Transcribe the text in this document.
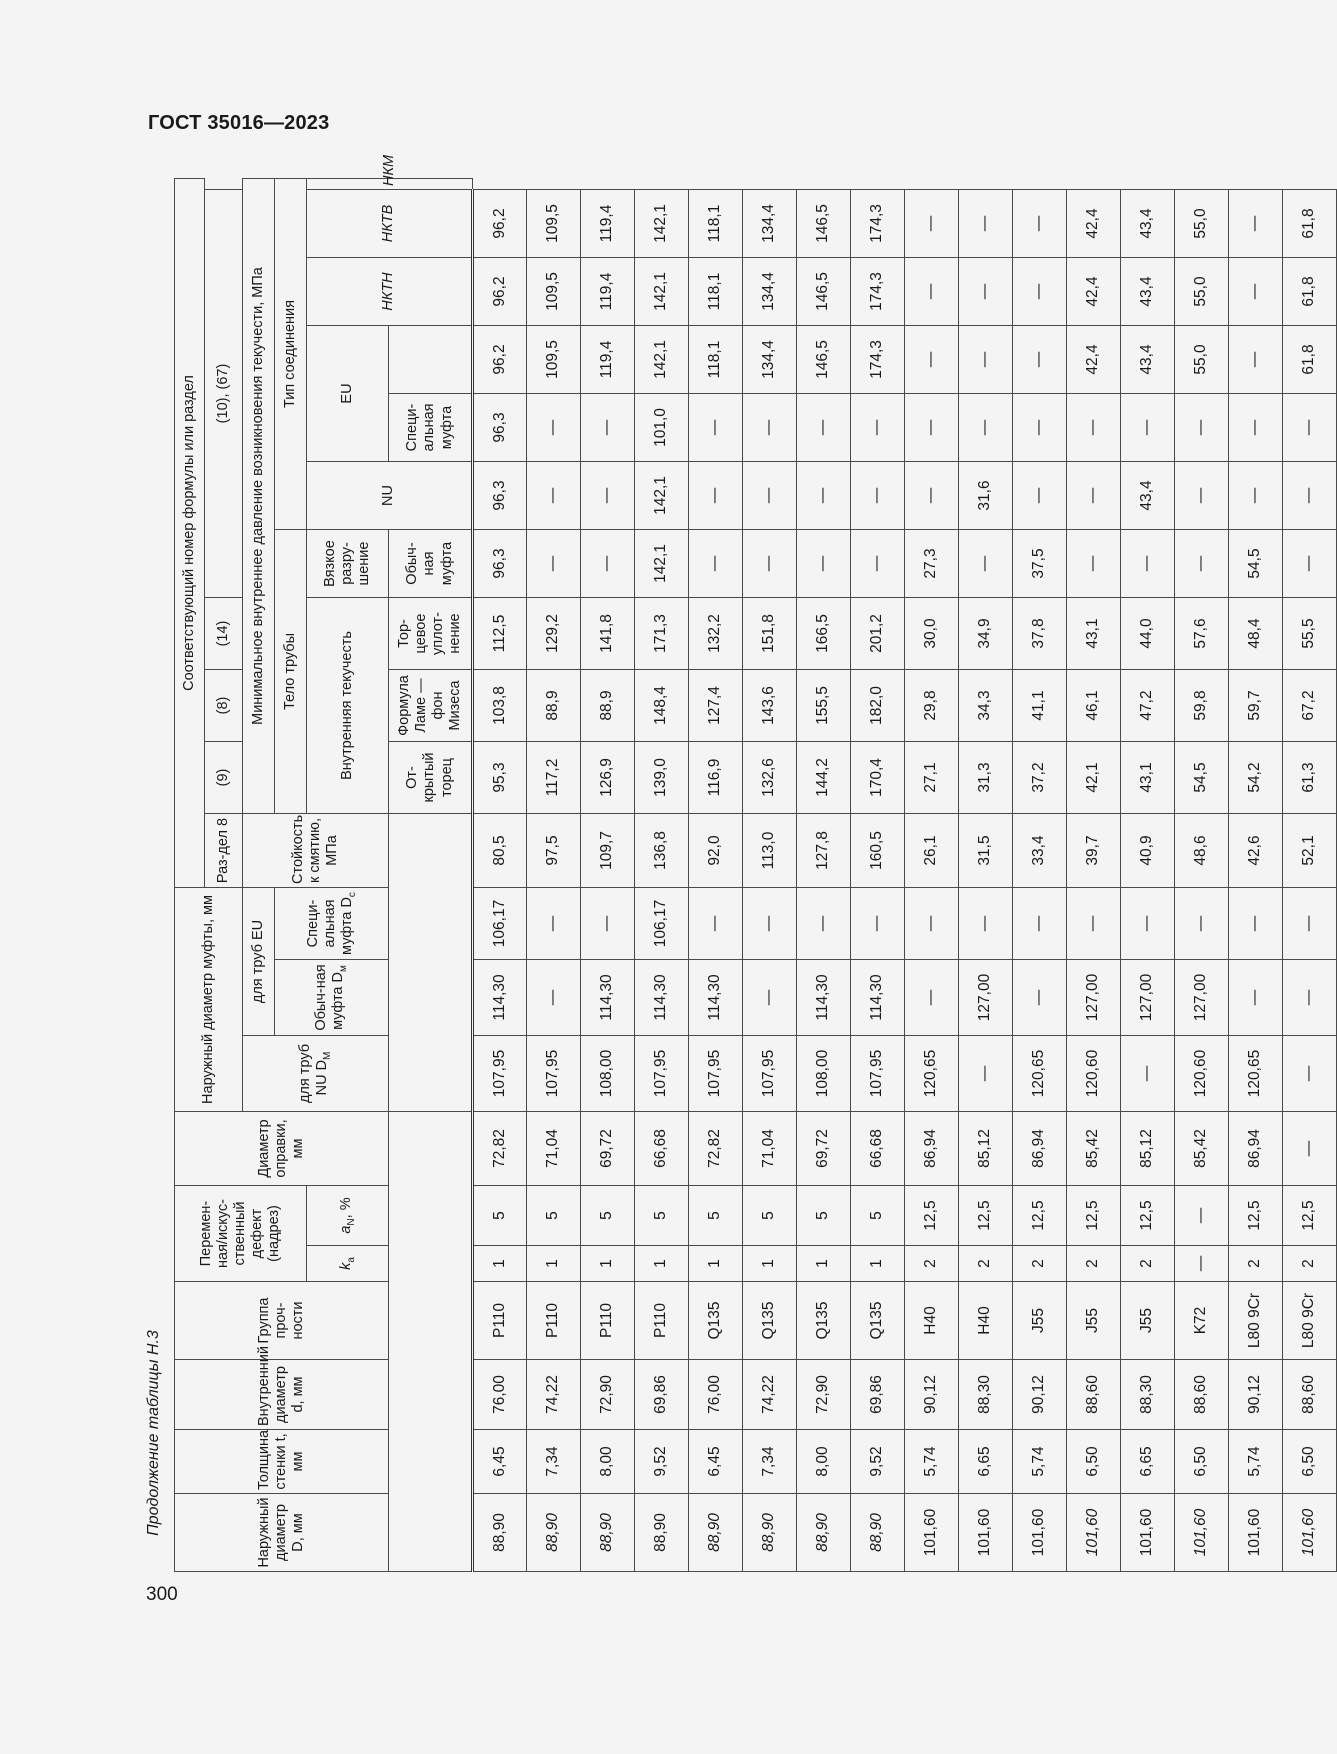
ГОСТ 35016—2023
Продолжение таблицы Н.3
300
Наружный диаметр D, мм	Толщина стенки t, мм	Внутренний диаметр d, мм	Группа проч-ности	Перемен-ная/искус-ственный дефект (надрез)		Диаметр оправки, мм	Наружный диаметр муфты, мм			Соответствующий номер формулы или раздел										
										Раз-дел 8	(9)	(8)	(14)	(10), (67)						
							для труб NU $D_M$	для труб EU		Стойкость к смятию, МПа	Минимальное внутреннее давление возникновения текучести, МПа									
								Обыч-ная муфта $D_м$	Специ-альная муфта $D_с$		Тело трубы				Тип соединения					
				$k_a$	$a_N$, %						Внутренняя текучесть			Вязкое разру-шение	NU	EU		НКТН	НКТВ	НКМ
											От-крытый торец	Формула Ламе — фон Мизеса	Тор-цевое уплот-нение	Обыч-ная муфта		Специ-альная муфта				
88,90	6,45	76,00	P110	1	5	72,82	107,95	114,30	106,17	80,5	95,3	103,8	112,5	96,3	96,3	96,3	96,2	96,2	96,2	
88,90	7,34	74,22	P110	1	5	71,04	107,95	—	—	97,5	117,2	88,9	129,2	—	—	—	109,5	109,5	109,5	
88,90	8,00	72,90	P110	1	5	69,72	108,00	114,30	—	109,7	126,9	88,9	141,8	—	—	—	119,4	119,4	119,4	
88,90	9,52	69,86	P110	1	5	66,68	107,95	114,30	106,17	136,8	139,0	148,4	171,3	142,1	142,1	101,0	142,1	142,1	142,1	
88,90	6,45	76,00	Q135	1	5	72,82	107,95	114,30	—	92,0	116,9	127,4	132,2	—	—	—	118,1	118,1	118,1	
88,90	7,34	74,22	Q135	1	5	71,04	107,95	—	—	113,0	132,6	143,6	151,8	—	—	—	134,4	134,4	134,4	
88,90	8,00	72,90	Q135	1	5	69,72	108,00	114,30	—	127,8	144,2	155,5	166,5	—	—	—	146,5	146,5	146,5	
88,90	9,52	69,86	Q135	1	5	66,68	107,95	114,30	—	160,5	170,4	182,0	201,2	—	—	—	174,3	174,3	174,3	
101,60	5,74	90,12	H40	2	12,5	86,94	120,65	—	—	26,1	27,1	29,8	30,0	27,3	—	—	—	—	—	
101,60	6,65	88,30	H40	2	12,5	85,12	—	127,00	—	31,5	31,3	34,3	34,9	—	31,6	—	—	—	—	
101,60	5,74	90,12	J55	2	12,5	86,94	120,65	—	—	33,4	37,2	41,1	37,8	37,5	—	—	—	—	—	
101,60	6,50	88,60	J55	2	12,5	85,42	120,60	127,00	—	39,7	42,1	46,1	43,1	—	—	—	42,4	42,4	42,4	
101,60	6,65	88,30	J55	2	12,5	85,12	—	127,00	—	40,9	43,1	47,2	44,0	—	43,4	—	43,4	43,4	43,4	
101,60	6,50	88,60	K72	—	—	85,42	120,60	127,00	—	48,6	54,5	59,8	57,6	—	—	—	55,0	55,0	55,0	
101,60	5,74	90,12	L80 9Cr	2	12,5	86,94	120,65	—	—	42,6	54,2	59,7	48,4	54,5	—	—	—	—	—	
101,60	6,50	88,60	L80 9Cr	2	12,5	—	—	—	—	52,1	61,3	67,2	55,5	—	—	—	61,8	61,8	61,8	
